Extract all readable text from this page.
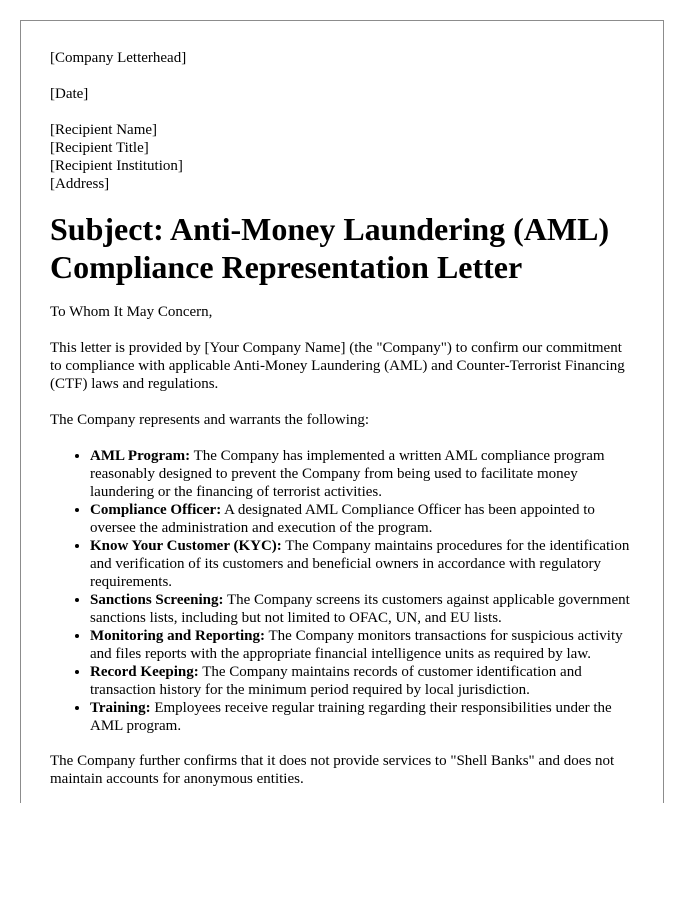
[Company Letterhead]

[Date]

[Recipient Name]
[Recipient Title]
[Recipient Institution]
[Address]
Subject: Anti-Money Laundering (AML) Compliance Representation Letter

To Whom It May Concern,

This letter is provided by [Your Company Name] (the "Company") to confirm our commitment to compliance with applicable Anti-Money Laundering (AML) and Counter-Terrorist Financing (CTF) laws and regulations.

The Company represents and warrants the following:

• AML Program: The Company has implemented a written AML compliance program reasonably designed to prevent the Company from being used to facilitate money laundering or the financing of terrorist activities.
• Compliance Officer: A designated AML Compliance Officer has been appointed to oversee the administration and execution of the program.
• Know Your Customer (KYC): The Company maintains procedures for the identification and verification of its customers and beneficial owners in accordance with regulatory requirements.
• Sanctions Screening: The Company screens its customers against applicable government sanctions lists, including but not limited to OFAC, UN, and EU lists.
• Monitoring and Reporting: The Company monitors transactions for suspicious activity and files reports with the appropriate financial intelligence units as required by law.
• Record Keeping: The Company maintains records of customer identification and transaction history for the minimum period required by local jurisdiction.
• Training: Employees receive regular training regarding their responsibilities under the AML program.

The Company further confirms that it does not provide services to "Shell Banks" and does not maintain accounts for anonymous entities.
